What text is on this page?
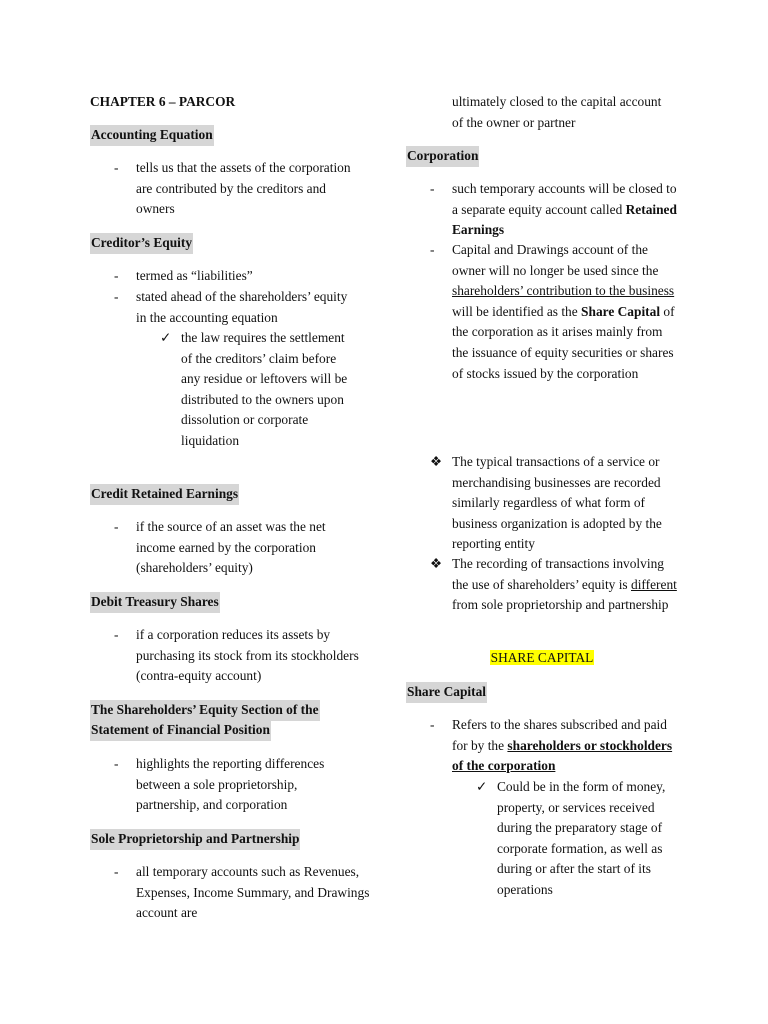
CHAPTER 6 – PARCOR
Accounting Equation
- tells us that the assets of the corporation are contributed by the creditors and owners
Creditor’s Equity
- termed as “liabilities”
- stated ahead of the shareholders’ equity in the accounting equation
✓ the law requires the settlement of the creditors’ claim before any residue or leftovers will be distributed to the owners upon dissolution or corporate liquidation
Credit Retained Earnings
- if the source of an asset was the net income earned by the corporation (shareholders’ equity)
Debit Treasury Shares
- if a corporation reduces its assets by purchasing its stock from its stockholders (contra-equity account)
The Shareholders’ Equity Section of the
Statement of Financial Position
- highlights the reporting differences between a sole proprietorship, partnership, and corporation
Sole Proprietorship and Partnership
- all temporary accounts such as Revenues, Expenses, Income Summary, and Drawings account are
ultimately closed to the capital account of the owner or partner
Corporation
- such temporary accounts will be closed to a separate equity account called Retained Earnings
- Capital and Drawings account of the owner will no longer be used since the shareholders’ contribution to the business will be identified as the Share Capital of the corporation as it arises mainly from the issuance of equity securities or shares of stocks issued by the corporation
❖ The typical transactions of a service or merchandising businesses are recorded similarly regardless of what form of business organization is adopted by the reporting entity
❖ The recording of transactions involving the use of shareholders’ equity is different from sole proprietorship and partnership
SHARE CAPITAL
Share Capital
- Refers to the shares subscribed and paid for by the shareholders or stockholders of the corporation
✓ Could be in the form of money, property, or services received during the preparatory stage of corporate formation, as well as during or after the start of its operations
